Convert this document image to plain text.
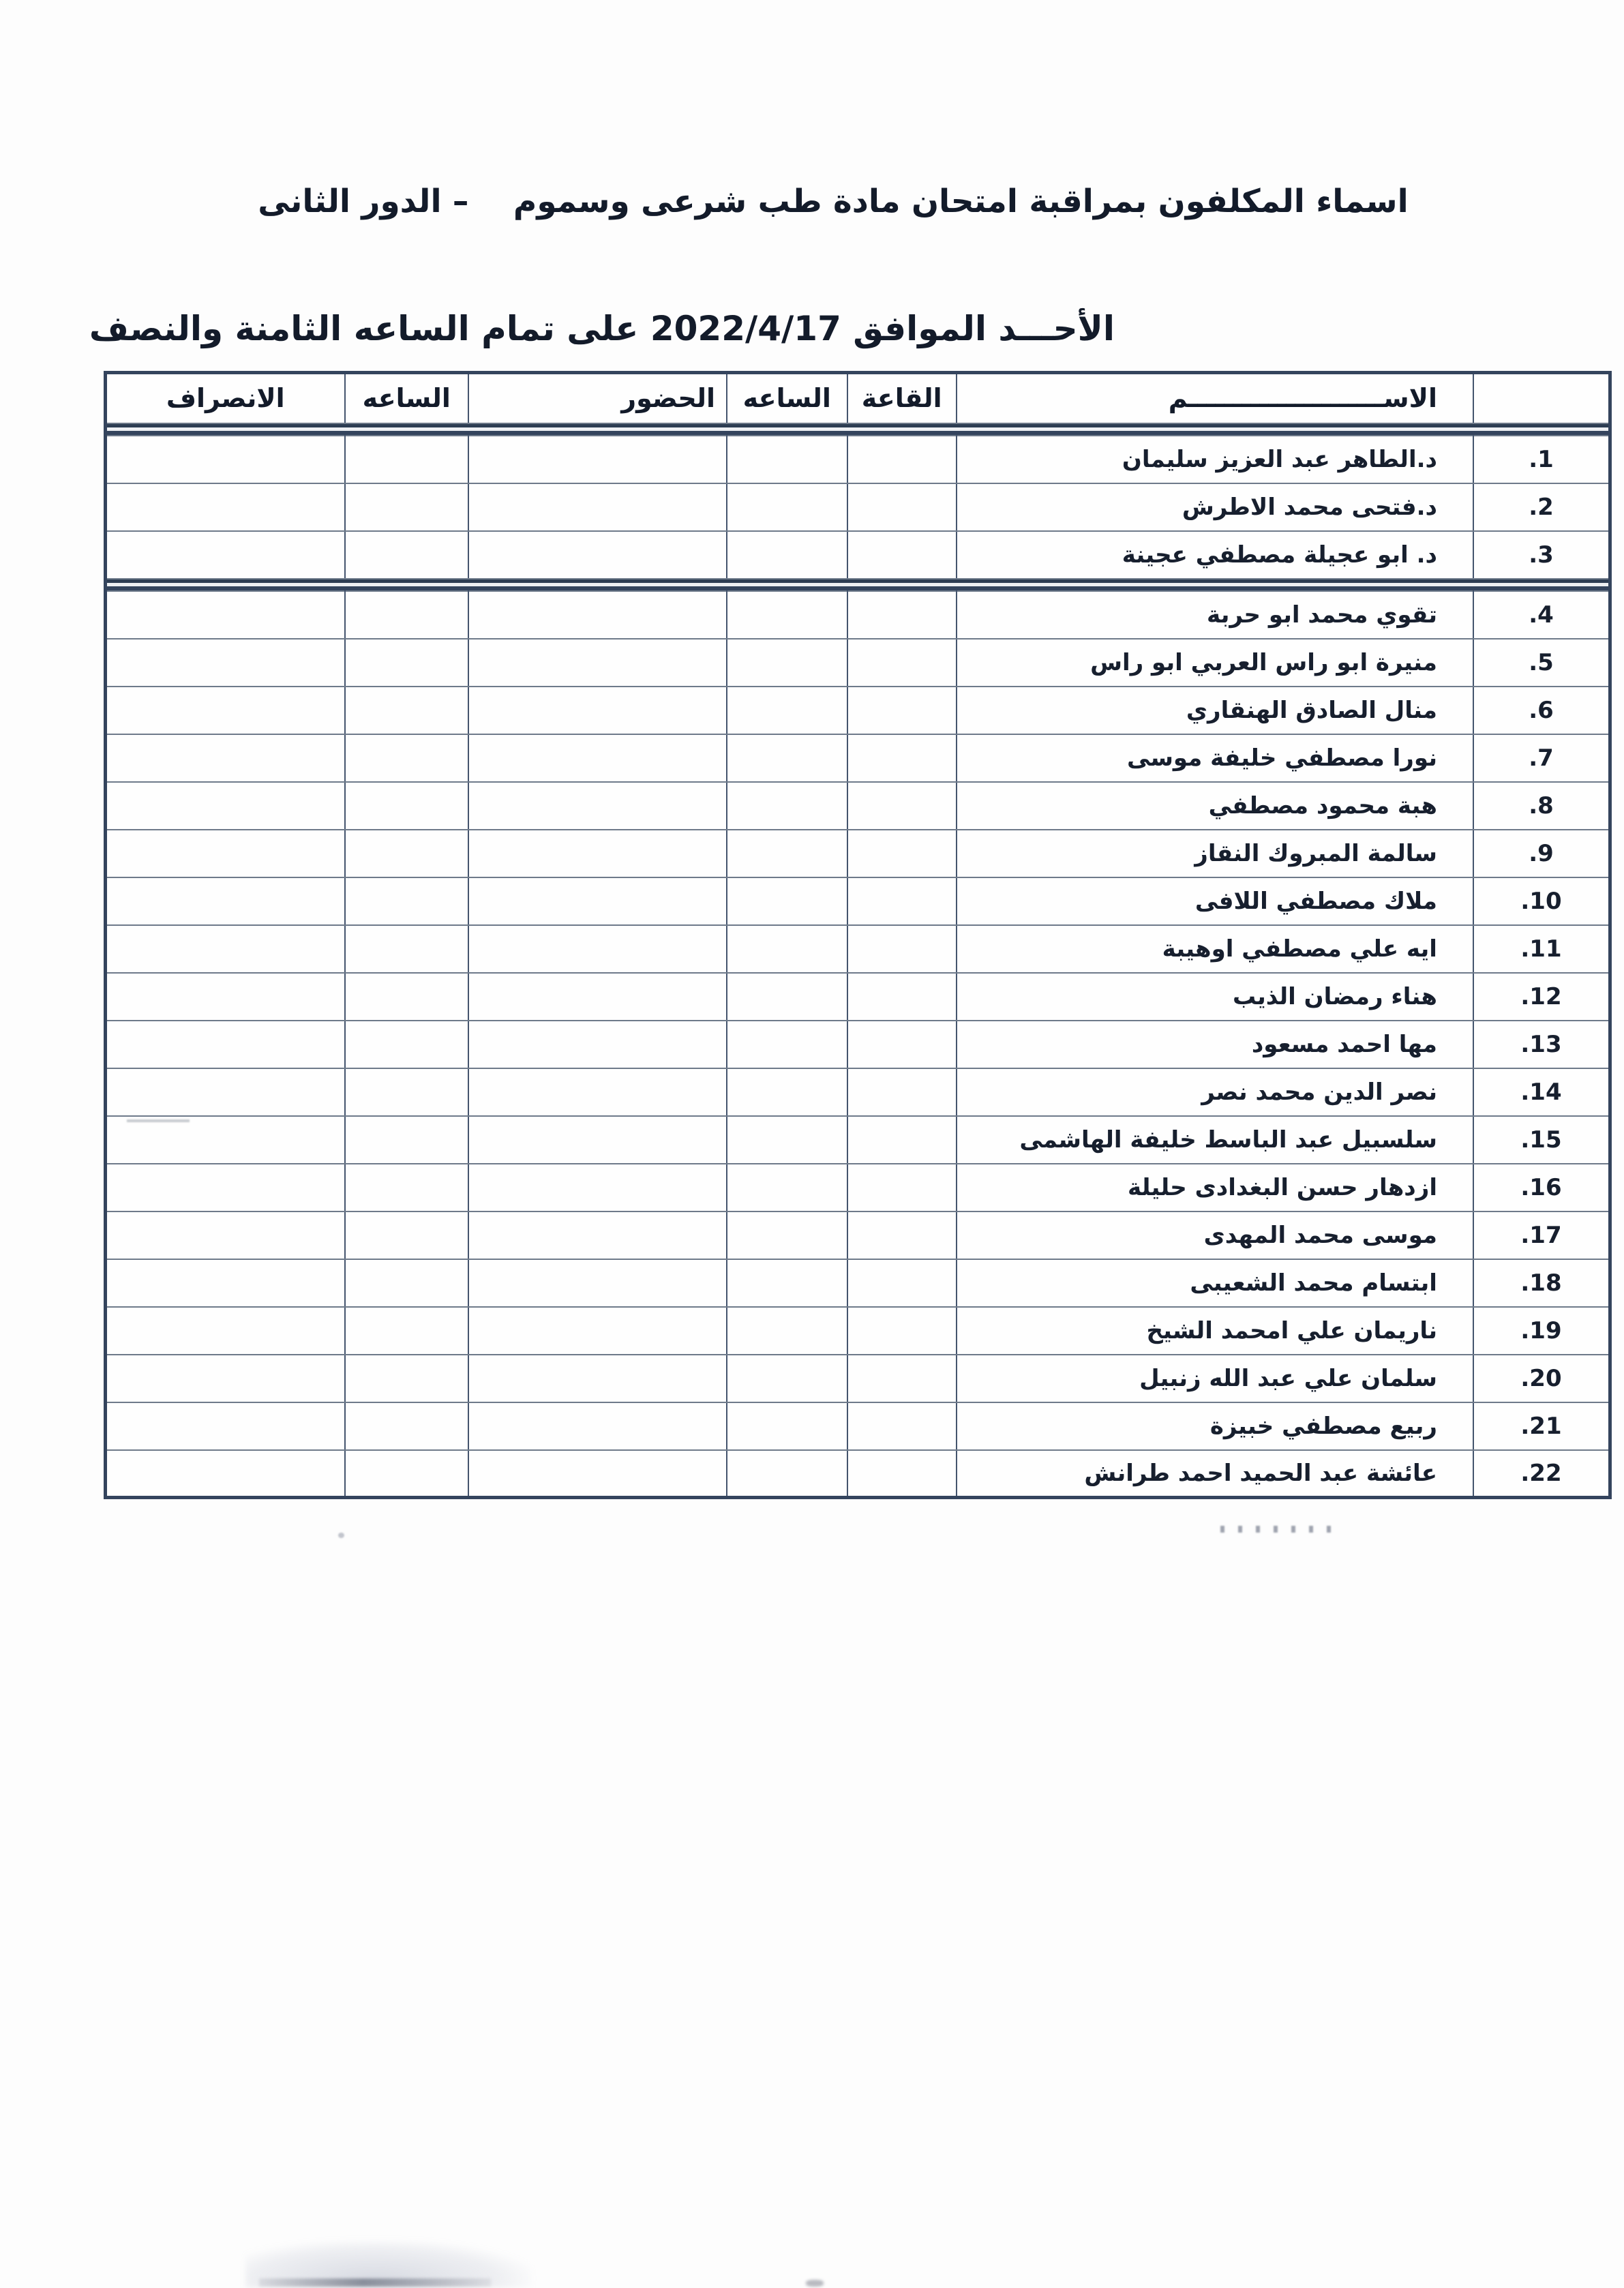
اسماء المكلفون بمراقبة امتحان مادة طب شرعى وسموم    – الدور الثانى
الأحـــد الموافق 2022/4/17 على تمام الساعه الثامنة والنصف
	الاســــــــــــــــــــــم	القاعة	الساعه	الحضور	الساعه	الانصراف

1.	د.الطاهر عبد العزيز سليمان					
2.	د.فتحى محمد الاطرش					
3.	د. ابو عجيلة مصطفي عجينة					

4.	تقوي محمد ابو حربة					
5.	منيرة ابو راس العربي ابو راس					
6.	منال الصادق الهنقاري					
7.	نورا مصطفي خليفة موسى					
8.	هبة محمود مصطفي					
9.	سالمة المبروك النقاز					
10.	ملاك مصطفي اللافى					
11.	ايه علي مصطفي اوهيبة					
12.	هناء رمضان الذيب					
13.	مها احمد مسعود					
14.	نصر الدين محمد نصر					
15.	سلسبيل عبد الباسط خليفة الهاشمى					
16.	ازدهار حسن البغدادى حليلة					
17.	موسى محمد المهدى					
18.	ابتسام محمد الشعيبى					
19.	ناريمان علي امحمد الشيخ					
20.	سلمان علي عبد الله زنبيل					
21.	ربيع مصطفي خبيزة					
22.	عائشة عبد الحميد احمد طرانش					
